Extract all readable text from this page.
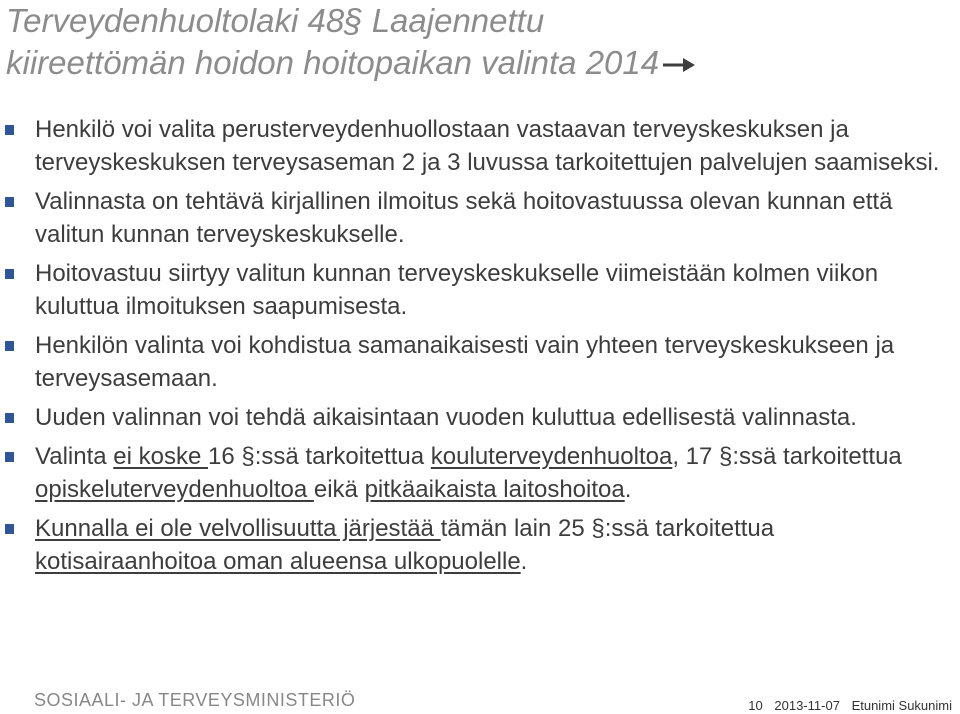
Terveydenhuoltolaki 48§ Laajennettu
kiireettömän hoidon hoitopaikan valinta 2014
Henkilö voi valita perusterveydenhuollostaan vastaavan terveyskeskuksen ja terveyskeskuksen terveysaseman 2 ja 3 luvussa tarkoitettujen palvelujen saamiseksi.
Valinnasta on tehtävä kirjallinen ilmoitus sekä hoitovastuussa olevan kunnan että valitun kunnan terveyskeskukselle.
Hoitovastuu siirtyy valitun kunnan terveyskeskukselle viimeistään kolmen viikon kuluttua ilmoituksen saapumisesta.
Henkilön valinta voi kohdistua samanaikaisesti vain yhteen terveyskeskukseen ja terveysasemaan.
Uuden valinnan voi tehdä aikaisintaan vuoden kuluttua edellisestä valinnasta.
Valinta ei koske 16 §:ssä tarkoitettua kouluterveydenhuoltoa, 17 §:ssä tarkoitettua opiskeluterveydenhuoltoa eikä pitkäaikaista laitoshoitoa.
Kunnalla ei ole velvollisuutta järjestää tämän lain 25 §:ssä tarkoitettua kotisairaanhoitoa oman alueensa ulkopuolelle.
SOSIAALI- JA TERVEYSMINISTERIÖ	10 2013-11-07 Etunimi Sukunimi
